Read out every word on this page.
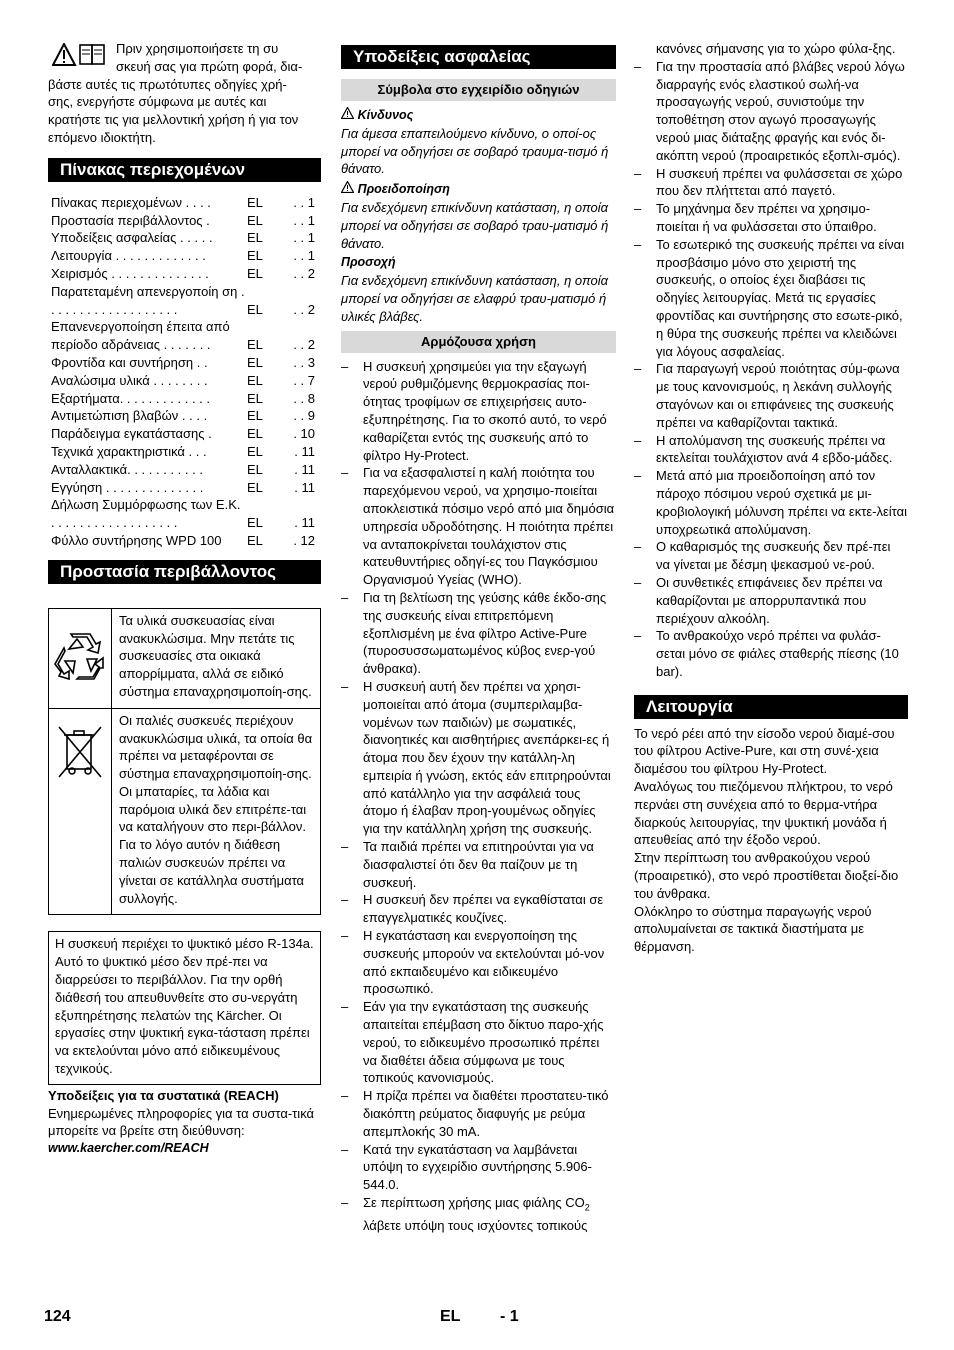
Πριν χρησιμοποιήσετε τη συ

σκευή σας για πρώτη φορά, δια-

βάστε αυτές τις πρωτότυπες οδηγίες χρή-

σης, ενεργήστε σύμφωνα με αυτές και

κρατήστε τις για μελλοντική χρήση ή για τον

επόμενο ιδιοκτήτη.

Πίνακας περιεχομένων
Πίνακας περιεχομένων . . . .	EL	. . 1
Προστασία περιβάλλοντος .	EL	. . 1
Υποδείξεις ασφαλείας . . . . .	EL	. . 1
Λειτουργία . . . . . . . . . . . . .	EL	. . 1
Χειρισμός . . . . . . . . . . . . . .	EL	. . 2
Παρατεταμένη απενεργοποίη ση . . . . . . . . . . . . . . . . . . .	EL	. . 2
Επανενεργοποίηση έπειτα από περίοδο αδράνειας . . . . . . .	EL	. . 2
Φροντίδα και συντήρηση . .	EL	. . 3
Αναλώσιμα υλικά . . . . . . . .	EL	. . 7
Εξαρτήματα. . . . . . . . . . . . .	EL	. . 8
Αντιμετώπιση βλαβών . . . .	EL	. . 9
Παράδειγμα εγκατάστασης .	EL	. 10
Τεχνικά χαρακτηριστικά . . .	EL	. 11
Ανταλλακτικά. . . . . . . . . . .	EL	. 11
Εγγύηση . . . . . . . . . . . . . .	EL	. 11
Δήλωση Συμμόρφωσης των Ε.Κ. . . . . . . . . . . . . . . . . . .	EL	. 11
Φύλλο συντήρησης WPD 100	EL	. 12
Προστασία περιβάλλοντος
	Τα υλικά συσκευασίας είναι ανακυκλώσιμα. Μην πετάτε τις συσκευασίες στα οικιακά απορρίμματα, αλλά σε ειδικό σύστημα επαναχρησιμοποίη-σης.
	Οι παλιές συσκευές περιέχουν ανακυκλώσιμα υλικά, τα οποία θα πρέπει να μεταφέρονται σε σύστημα επαναχρησιμοποίη-σης. Οι μπαταρίες, τα λάδια και παρόμοια υλικά δεν επιτρέπε-ται να καταλήγουν στο περι-βάλλον. Για το λόγο αυτόν η διάθεση παλιών συσκευών πρέπει να γίνεται σε κατάλληλα συστήματα συλλογής.
Η συσκευή περιέχει το ψυκτικό μέσο R-134a. Αυτό το ψυκτικό μέσο δεν πρέ-πει να διαρρεύσει το περιβάλλον. Για την ορθή διάθεσή του απευθυνθείτε στο συ-νεργάτη εξυπηρέτησης πελατών της Kärcher. Οι εργασίες στην ψυκτική εγκα-τάσταση πρέπει να εκτελούνται μόνο από ειδικευμένους τεχνικούς.

Υποδείξεις για τα συστατικά (REACH)

Ενημερωμένες πληροφορίες για τα συστα-τικά μπορείτε να βρείτε στη διεύθυνση:

www.kaercher.com/REACH

Υποδείξεις ασφαλείας
Σύμβολα στο εγχειρίδιο οδηγιών

Κίνδυνος

Για άμεσα επαπειλούμενο κίνδυνο, ο οποί-ος μπορεί να οδηγήσει σε σοβαρό τραυμα-τισμό ή θάνατο.

Προειδοποίηση

Για ενδεχόμενη επικίνδυνη κατάσταση, η οποία μπορεί να οδηγήσει σε σοβαρό τραυ-ματισμό ή θάνατο.

Προσοχή

Για ενδεχόμενη επικίνδυνη κατάσταση, η οποία μπορεί να οδηγήσει σε ελαφρύ τραυ-ματισμό ή υλικές βλάβες.

Αρμόζουσα χρήση
– Η συσκευή χρησιμεύει για την εξαγωγή νερού ρυθμιζόμενης θερμοκρασίας ποι-ότητας τροφίμων σε επιχειρήσεις αυτο-εξυπηρέτησης. Για το σκοπό αυτό, το νερό καθαρίζεται εντός της συσκευής από το φίλτρο Hy-Protect.
– Για να εξασφαλιστεί η καλή ποιότητα του παρεχόμενου νερού, να χρησιμο-ποιείται αποκλειστικά πόσιμο νερό από μια δημόσια υπηρεσία υδροδότησης. Η ποιότητα πρέπει να ανταποκρίνεται τουλάχιστον στις κατευθυντήριες οδηγί-ες του Παγκόσμιου Οργανισμού Υγείας (WHO).
– Για τη βελτίωση της γεύσης κάθε έκδο-σης της συσκευής είναι επιτρεπόμενη εξοπλισμένη με ένα φίλτρο Active-Pure (πυροσυσσωματωμένος κύβος ενερ-γού άνθρακα).
– Η συσκευή αυτή δεν πρέπει να χρησι-μοποιείται από άτομα (συμπεριλαμβα-νομένων των παιδιών) με σωματικές, διανοητικές και αισθητήριες ανεπάρκει-ες ή άτομα που δεν έχουν την κατάλλη-λη εμπειρία ή γνώση, εκτός εάν επιτρηρούνται από κατάλληλο για την ασφάλειά τους άτομο ή έλαβαν προη-γουμένως οδηγίες για την κατάλληλη χρήση της συσκευής.
– Τα παιδιά πρέπει να επιτηρούνται για να διασφαλιστεί ότι δεν θα παίζουν με τη συσκευή.
– Η συσκευή δεν πρέπει να εγκαθίσταται σε επαγγελματικές κουζίνες.
– Η εγκατάσταση και ενεργοποίηση της συσκευής μπορούν να εκτελούνται μό-νον από εκπαιδευμένο και ειδικευμένο προσωπικό.
– Εάν για την εγκατάσταση της συσκευής απαιτείται επέμβαση στο δίκτυο παρο-χής νερού, το ειδικευμένο προσωπικό πρέπει να διαθέτει άδεια σύμφωνα με τους τοπικούς κανονισμούς.
– Η πρίζα πρέπει να διαθέτει προστατευ-τικό διακόπτη ρεύματος διαφυγής με ρεύμα απεμπλοκής 30 mA.
– Κατά την εγκατάσταση να λαμβάνεται υπόψη το εγχειρίδιο συντήρησης 5.906-544.0.
– Σε περίπτωση χρήσης μιας φιάλης $CO_2$ λάβετε υπόψη τους ισχύοντες τοπικούς

κανόνες σήμανσης για το χώρο φύλα-ξης.

– Για την προστασία από βλάβες νερού λόγω διαρραγής ενός ελαστικού σωλή-να προσαγωγής νερού, συνιστούμε την τοποθέτηση στον αγωγό προσαγωγής νερού μιας διάταξης φραγής και ενός δι-ακόπτη νερού (προαιρετικός εξοπλι-σμός).
– Η συσκευή πρέπει να φυλάσσεται σε χώρο που δεν πλήττεται από παγετό.
– Το μηχάνημα δεν πρέπει να χρησιμο-ποιείται ή να φυλάσσεται στο ύπαιθρο.
– Το εσωτερικό της συσκευής πρέπει να είναι προσβάσιμο μόνο στο χειριστή της συσκευής, ο οποίος έχει διαβάσει τις οδηγίες λειτουργίας. Μετά τις εργασίες φροντίδας και συντήρησης στο εσωτε-ρικό, η θύρα της συσκευής πρέπει να κλειδώνει για λόγους ασφαλείας.
– Για παραγωγή νερού ποιότητας σύμ-φωνα με τους κανονισμούς, η λεκάνη συλλογής σταγόνων και οι επιφάνειες της συσκευής πρέπει να καθαρίζονται τακτικά.
– Η απολύμανση της συσκευής πρέπει να εκτελείται τουλάχιστον ανά 4 εβδο-μάδες.
– Μετά από μια προειδοποίηση από τον πάροχο πόσιμου νερού σχετικά με μι-κροβιολογική μόλυνση πρέπει να εκτε-λείται υποχρεωτικά απολύμανση.
– Ο καθαρισμός της συσκευής δεν πρέ-πει να γίνεται με δέσμη ψεκασμού νε-ρού.
– Οι συνθετικές επιφάνειες δεν πρέπει να καθαρίζονται με απορρυπαντικά που περιέχουν αλκοόλη.
– Το ανθρακούχο νερό πρέπει να φυλάσ-σεται μόνο σε φιάλες σταθερής πίεσης (10 bar).
Λειτουργία

Το νερό ρέει από την είσοδο νερού διαμέ-σου του φίλτρου Active-Pure, και στη συνέ-χεια διαμέσου του φίλτρου Hy-Protect.

Αναλόγως του πιεζόμενου πλήκτρου, το νερό περνάει στη συνέχεια από το θερμα-ντήρα διαρκούς λειτουργίας, την ψυκτική μονάδα ή απευθείας από την έξοδο νερού.

Στην περίπτωση του ανθρακούχου νερού (προαιρετικό), στο νερό προστίθεται διοξεί-διο του άνθρακα.

Ολόκληρο το σύστημα παραγωγής νερού απολυμαίνεται σε τακτικά διαστήματα με θέρμανση.

124	EL - 1
